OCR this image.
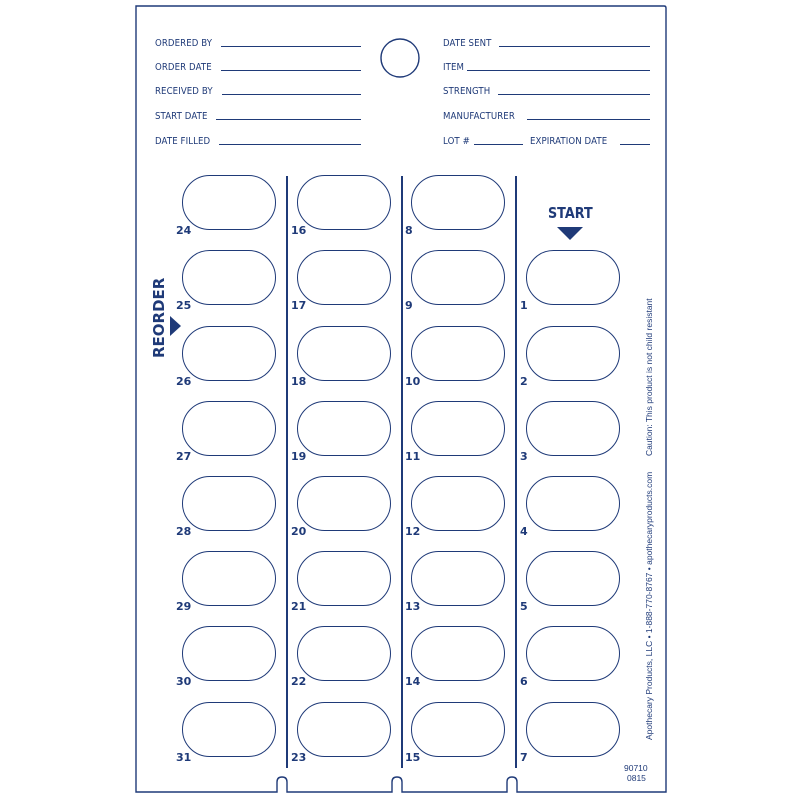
ORDERED BY
ORDER DATE
RECEIVED BY
START DATE
DATE FILLED
DATE SENT
ITEM
STRENGTH
MANUFACTURER
LOT #	EXPIRATION DATE
START
REORDER
24
25
26
27
28
29
30
31
16
17
18
19
20
21
22
23
8
9
10
11
12
13
14
15
1
2
3
4
5
6
7
Caution: This product is not child resistant
Apothecary Products, LLC • 1-888-770-8767 • apothecaryproducts.com
90710
0815
